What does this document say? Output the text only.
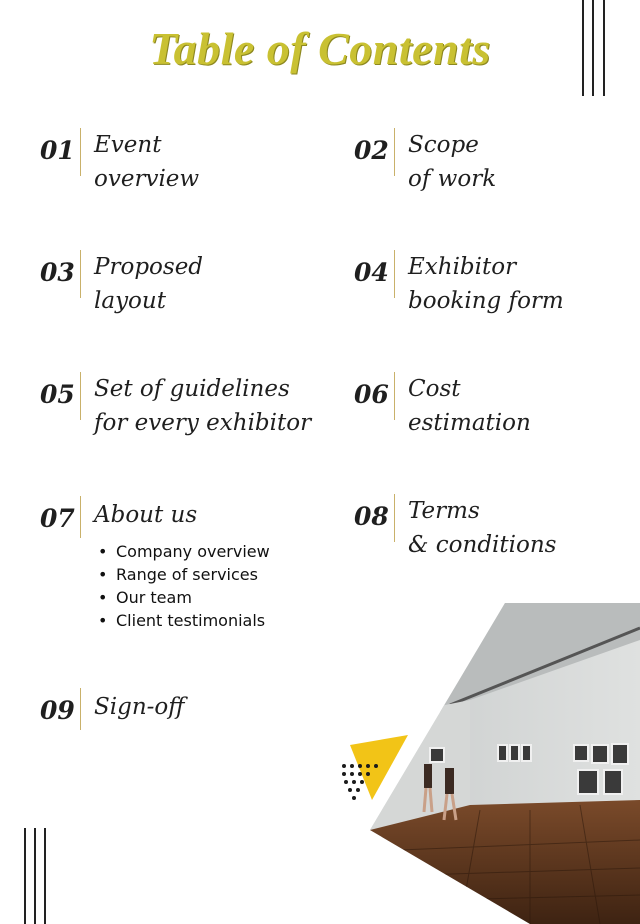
Table of Contents
01 Event
overview
02 Scope
of work
03 Proposed
layout
04 Exhibitor
booking form
05 Set of guidelines
for every exhibitor
06 Cost
estimation
07 About us
• Company overview
• Range of services
• Our team
• Client testimonials
08 Terms
& conditions
09 Sign-off
